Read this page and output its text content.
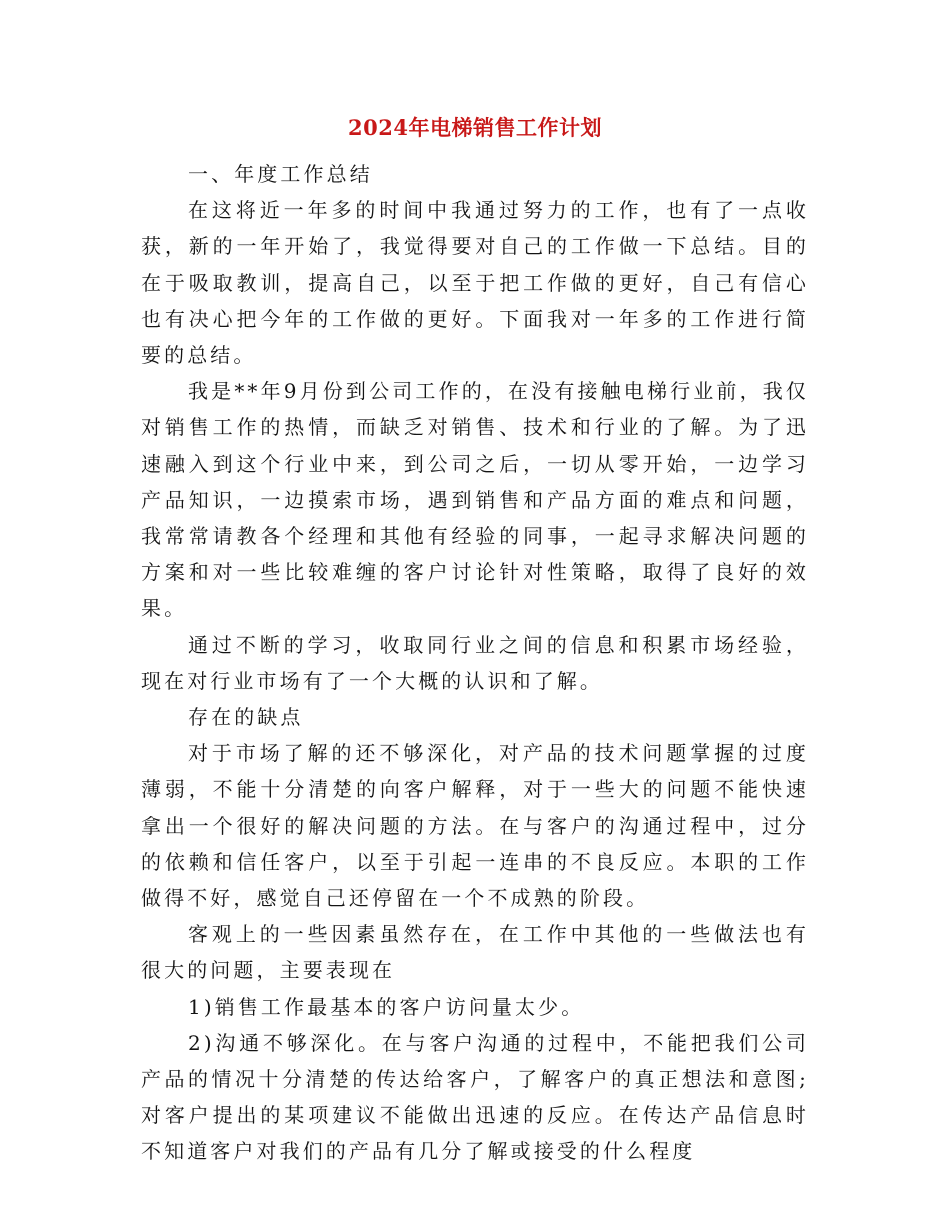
2024年电梯销售工作计划

一、年度工作总结

在这将近一年多的时间中我通过努力的工作，也有了一点收获，新的一年开始了，我觉得要对自己的工作做一下总结。目的在于吸取教训，提高自己，以至于把工作做的更好，自己有信心也有决心把今年的工作做的更好。下面我对一年多的工作进行简要的总结。

我是**年9月份到公司工作的，在没有接触电梯行业前，我仅对销售工作的热情，而缺乏对销售、技术和行业的了解。为了迅速融入到这个行业中来，到公司之后，一切从零开始，一边学习产品知识，一边摸索市场，遇到销售和产品方面的难点和问题，我常常请教各个经理和其他有经验的同事，一起寻求解决问题的方案和对一些比较难缠的客户讨论针对性策略，取得了良好的效果。

通过不断的学习，收取同行业之间的信息和积累市场经验，现在对行业市场有了一个大概的认识和了解。

存在的缺点

对于市场了解的还不够深化，对产品的技术问题掌握的过度薄弱，不能十分清楚的向客户解释，对于一些大的问题不能快速拿出一个很好的解决问题的方法。在与客户的沟通过程中，过分的依赖和信任客户，以至于引起一连串的不良反应。本职的工作做得不好，感觉自己还停留在一个不成熟的阶段。

客观上的一些因素虽然存在，在工作中其他的一些做法也有很大的问题，主要表现在

1)销售工作最基本的客户访问量太少。

2)沟通不够深化。在与客户沟通的过程中，不能把我们公司产品的情况十分清楚的传达给客户，了解客户的真正想法和意图;对客户提出的某项建议不能做出迅速的反应。在传达产品信息时不知道客户对我们的产品有几分了解或接受的什么程度
